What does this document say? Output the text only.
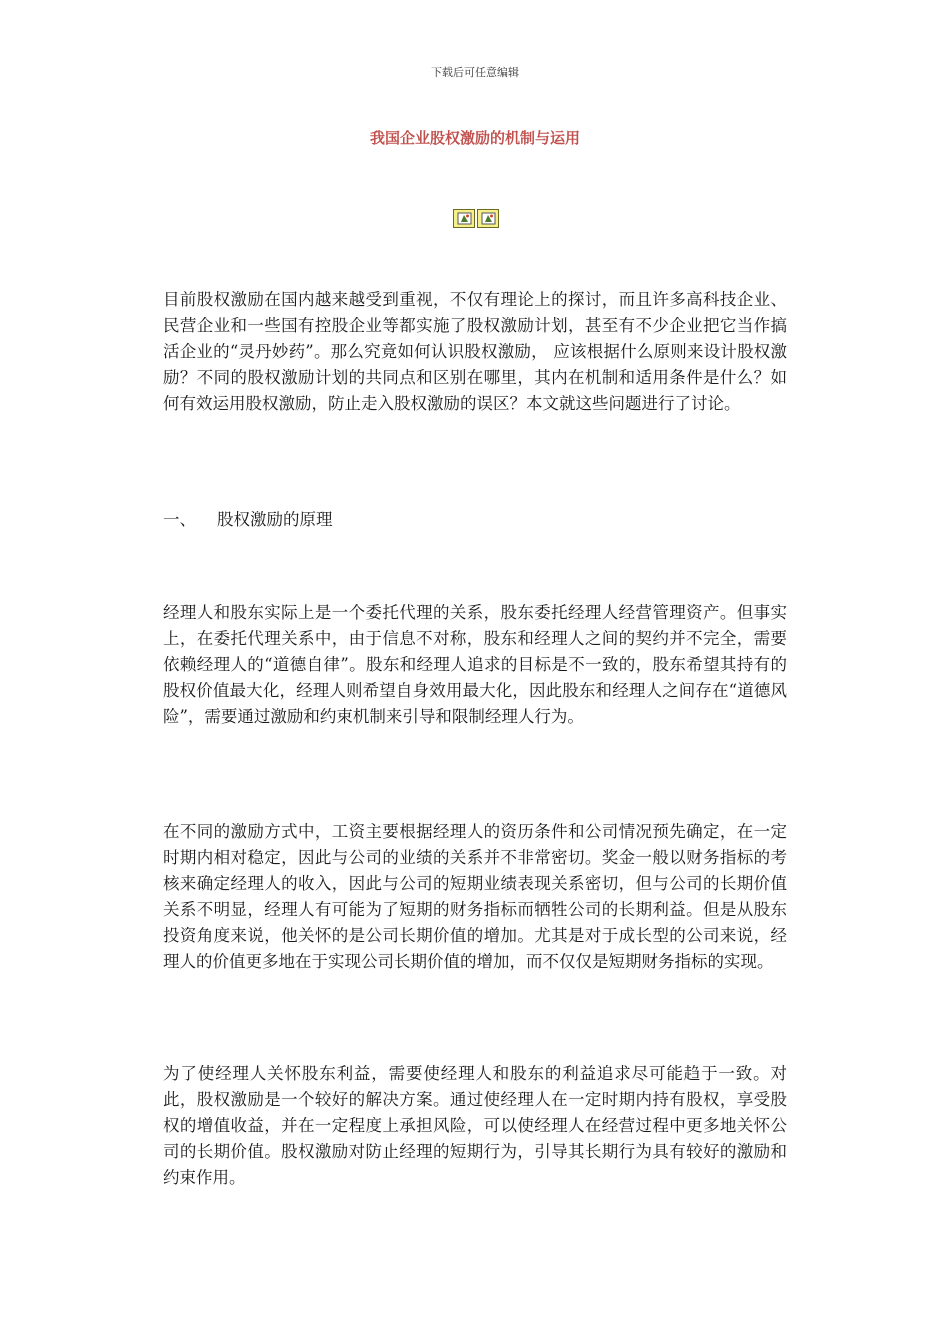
下载后可任意编辑
我国企业股权激励的机制与运用

目前股权激励在国内越来越受到重视，不仅有理论上的探讨，而且许多高科技企业、民营企业和一些国有控股企业等都实施了股权激励计划，甚至有不少企业把它当作搞活企业的“灵丹妙药”。那么究竟如何认识股权激励， 应该根据什么原则来设计股权激励？不同的股权激励计划的共同点和区别在哪里，其内在机制和适用条件是什么？如何有效运用股权激励，防止走入股权激励的误区？本文就这些问题进行了讨论。

一、 股权激励的原理

经理人和股东实际上是一个委托代理的关系，股东委托经理人经营管理资产。但事实上，在委托代理关系中，由于信息不对称，股东和经理人之间的契约并不完全，需要依赖经理人的“道德自律”。股东和经理人追求的目标是不一致的，股东希望其持有的股权价值最大化，经理人则希望自身效用最大化，因此股东和经理人之间存在“道德风险”，需要通过激励和约束机制来引导和限制经理人行为。

在不同的激励方式中，工资主要根据经理人的资历条件和公司情况预先确定，在一定时期内相对稳定，因此与公司的业绩的关系并不非常密切。奖金一般以财务指标的考核来确定经理人的收入，因此与公司的短期业绩表现关系密切，但与公司的长期价值关系不明显，经理人有可能为了短期的财务指标而牺牲公司的长期利益。但是从股东投资角度来说，他关怀的是公司长期价值的增加。尤其是对于成长型的公司来说，经理人的价值更多地在于实现公司长期价值的增加，而不仅仅是短期财务指标的实现。

为了使经理人关怀股东利益，需要使经理人和股东的利益追求尽可能趋于一致。对此，股权激励是一个较好的解决方案。通过使经理人在一定时期内持有股权，享受股权的增值收益，并在一定程度上承担风险，可以使经理人在经营过程中更多地关怀公司的长期价值。股权激励对防止经理的短期行为，引导其长期行为具有较好的激励和约束作用。
